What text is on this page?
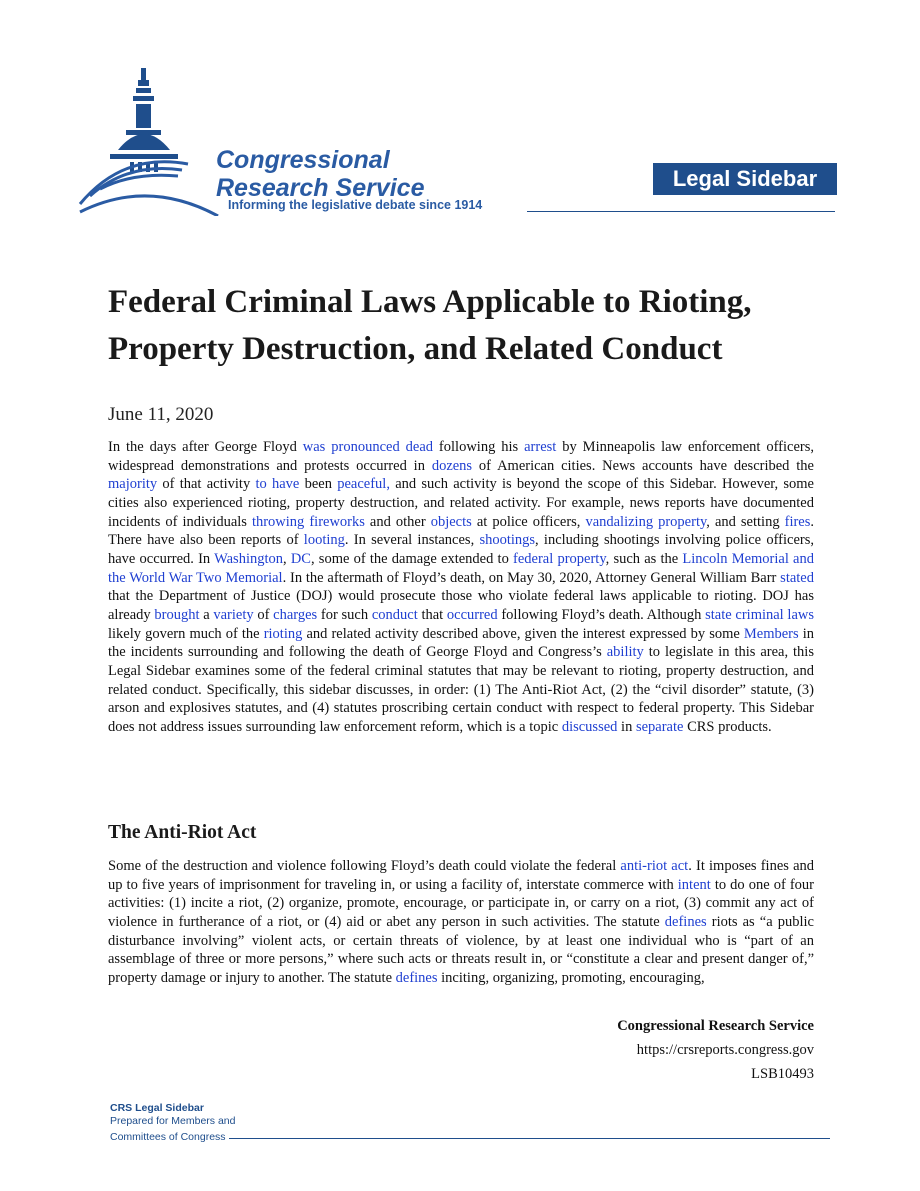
Congressional
Research Service
Informing the legislative debate since 1914
Legal Sidebar
Federal Criminal Laws Applicable to Rioting, Property Destruction, and Related Conduct
June 11, 2020

In the days after George Floyd was pronounced dead following his arrest by Minneapolis law enforcement officers, widespread demonstrations and protests occurred in dozens of American cities. News accounts have described the majority of that activity to have been peaceful, and such activity is beyond the scope of this Sidebar. However, some cities also experienced rioting, property destruction, and related activity. For example, news reports have documented incidents of individuals throwing fireworks and other objects at police officers, vandalizing property, and setting fires. There have also been reports of looting. In several instances, shootings, including shootings involving police officers, have occurred. In Washington, DC, some of the damage extended to federal property, such as the Lincoln Memorial and the World War Two Memorial. In the aftermath of Floyd’s death, on May 30, 2020, Attorney General William Barr stated that the Department of Justice (DOJ) would prosecute those who violate federal laws applicable to rioting. DOJ has already brought a variety of charges for such conduct that occurred following Floyd’s death. Although state criminal laws likely govern much of the rioting and related activity described above, given the interest expressed by some Members in the incidents surrounding and following the death of George Floyd and Congress’s ability to legislate in this area, this Legal Sidebar examines some of the federal criminal statutes that may be relevant to rioting, property destruction, and related conduct. Specifically, this sidebar discusses, in order: (1) The Anti-Riot Act, (2) the “civil disorder” statute, (3) arson and explosives statutes, and (4) statutes proscribing certain conduct with respect to federal property. This Sidebar does not address issues surrounding law enforcement reform, which is a topic discussed in separate CRS products.

The Anti-Riot Act

Some of the destruction and violence following Floyd’s death could violate the federal anti-riot act. It imposes fines and up to five years of imprisonment for traveling in, or using a facility of, interstate commerce with intent to do one of four activities: (1) incite a riot, (2) organize, promote, encourage, or participate in, or carry on a riot, (3) commit any act of violence in furtherance of a riot, or (4) aid or abet any person in such activities. The statute defines riots as “a public disturbance involving” violent acts, or certain threats of violence, by at least one individual who is “part of an assemblage of three or more persons,” where such acts or threats result in, or “constitute a clear and present danger of,” property damage or injury to another. The statute defines inciting, organizing, promoting, encouraging,

Congressional Research Service
https://crsreports.congress.gov
LSB10493
CRS Legal Sidebar
Prepared for Members and
Committees of Congress
